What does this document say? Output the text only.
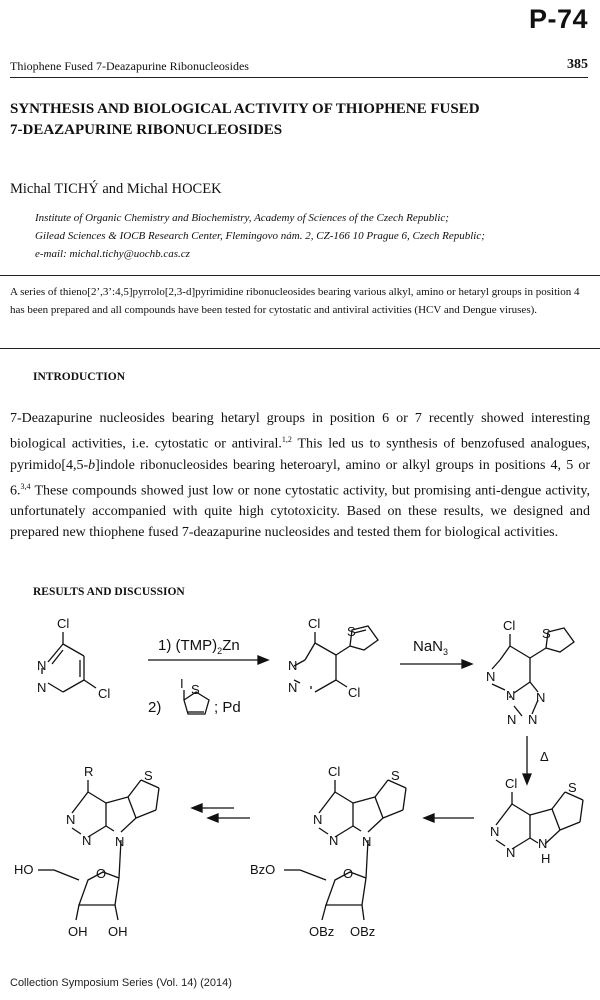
P-74
Thiophene Fused 7-Deazapurine Ribonucleosides	385
SYNTHESIS AND BIOLOGICAL ACTIVITY OF THIOPHENE FUSED
7-DEAZAPURINE RIBONUCLEOSIDES
Michal TICHÝ and Michal HOCEK
Institute of Organic Chemistry and Biochemistry, Academy of Sciences of the Czech Republic;
Gilead Sciences & IOCB Research Center, Flemingovo nám. 2, CZ-166 10 Prague 6, Czech Republic;
e-mail: michal.tichy@uochb.cas.cz
A series of thieno[2’,3’:4,5]pyrrolo[2,3-d]pyrimidine ribonucleosides bearing various alkyl, amino or hetaryl groups in position 4 has been prepared and all compounds have been tested for cytostatic and antiviral activities (HCV and Dengue viruses).
INTRODUCTION
7-Deazapurine nucleosides bearing hetaryl groups in position 6 or 7 recently showed interesting biological activities, i.e. cytostatic or antiviral.$^{1,2}$ This led us to synthesis of benzofused analogues, pyrimido[4,5-b]indole ribonucleosides bearing heteroaryl, amino or alkyl groups in positions 4, 5 or 6.$^{3,4}$ These compounds showed just low or none cytostatic activity, but promising anti-dengue activity, unfortunately accompanied with quite high cytotoxicity. Based on these results, we designed and prepared new thiophene fused 7-deazapurine nucleosides and tested them for biological activities.
RESULTS AND DISCUSSION
Cl
N
N	Cl
1) $(TMP)_2Zn$
2)
I S
; Pd
Cl
N
N	Cl
S
NaN$_3$
Cl
N
N N
N
N
S
Δ
Cl
N
N
N
H
S
Cl
N
N N
S
O
BzO
OBz OBz
R
N
N N
S
O
HO
OH OH
Collection Symposium Series (Vol. 14) (2014)
